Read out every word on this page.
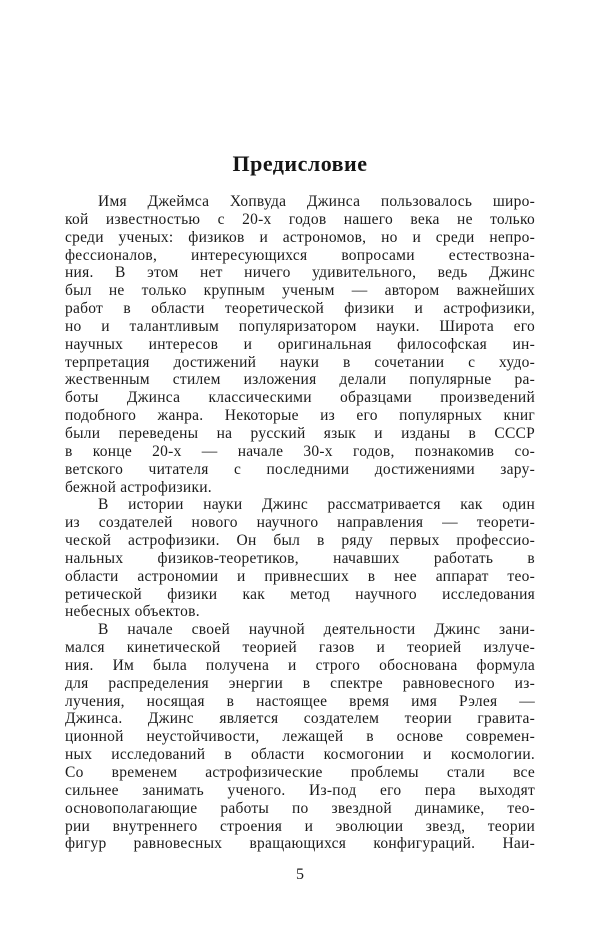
Предисловие
Имя Джеймса Хопвуда Джинса пользовалось широ-
кой известностью с 20-х годов нашего века не только
среди ученых: физиков и астрономов, но и среди непро-
фессионалов, интересующихся вопросами естествозна-
ния. В этом нет ничего удивительного, ведь Джинс
был не только крупным ученым — автором важнейших
работ в области теоретической физики и астрофизики,
но и талантливым популяризатором науки. Широта его
научных интересов и оригинальная философская ин-
терпретация достижений науки в сочетании с худо-
жественным стилем изложения делали популярные ра-
боты Джинса классическими образцами произведений
подобного жанра. Некоторые из его популярных книг
были переведены на русский язык и изданы в СССР
в конце 20-х — начале 30-х годов, познакомив со-
ветского читателя с последними достижениями зару-
бежной астрофизики.
В истории науки Джинс рассматривается как один
из создателей нового научного направления — теорети-
ческой астрофизики. Он был в ряду первых профессио-
нальных физиков-теоретиков, начавших работать в
области астрономии и привнесших в нее аппарат тео-
ретической физики как метод научного исследования
небесных объектов.
В начале своей научной деятельности Джинс зани-
мался кинетической теорией газов и теорией излуче-
ния. Им была получена и строго обоснована формула
для распределения энергии в спектре равновесного из-
лучения, носящая в настоящее время имя Рэлея —
Джинса. Джинс является создателем теории гравита-
ционной неустойчивости, лежащей в основе современ-
ных исследований в области космогонии и космологии.
Со временем астрофизические проблемы стали все
сильнее занимать ученого. Из-под его пера выходят
основополагающие работы по звездной динамике, тео-
рии внутреннего строения и эволюции звезд, теории
фигур равновесных вращающихся конфигураций. Наи-
5
